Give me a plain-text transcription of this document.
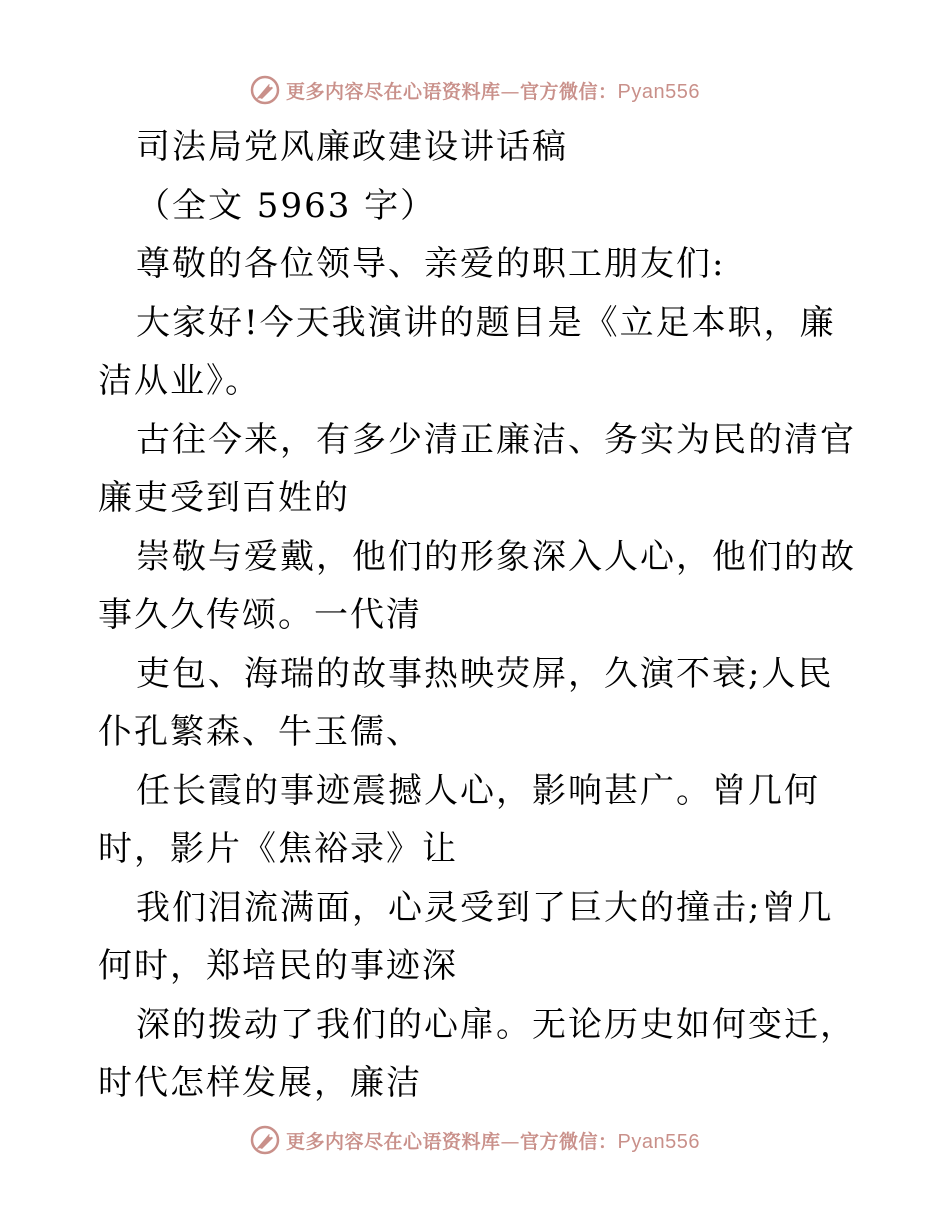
更多内容尽在心语资料库—官方微信：Pyan556

司法局党风廉政建设讲话稿

（全文 5963 字）

尊敬的各位领导、亲爱的职工朋友们:

大家好!今天我演讲的题目是《立足本职，廉洁从业》。

古往今来，有多少清正廉洁、务实为民的清官廉吏受到百姓的

崇敬与爱戴，他们的形象深入人心，他们的故事久久传颂。一代清

吏包、海瑞的故事热映荧屏，久演不衰;人民仆孔繁森、牛玉儒、

任长霞的事迹震撼人心，影响甚广。曾几何时，影片《焦裕录》让

我们泪流满面，心灵受到了巨大的撞击;曾几何时，郑培民的事迹深

深的拨动了我们的心扉。无论历史如何变迁，时代怎样发展，廉洁

更多内容尽在心语资料库—官方微信：Pyan556
